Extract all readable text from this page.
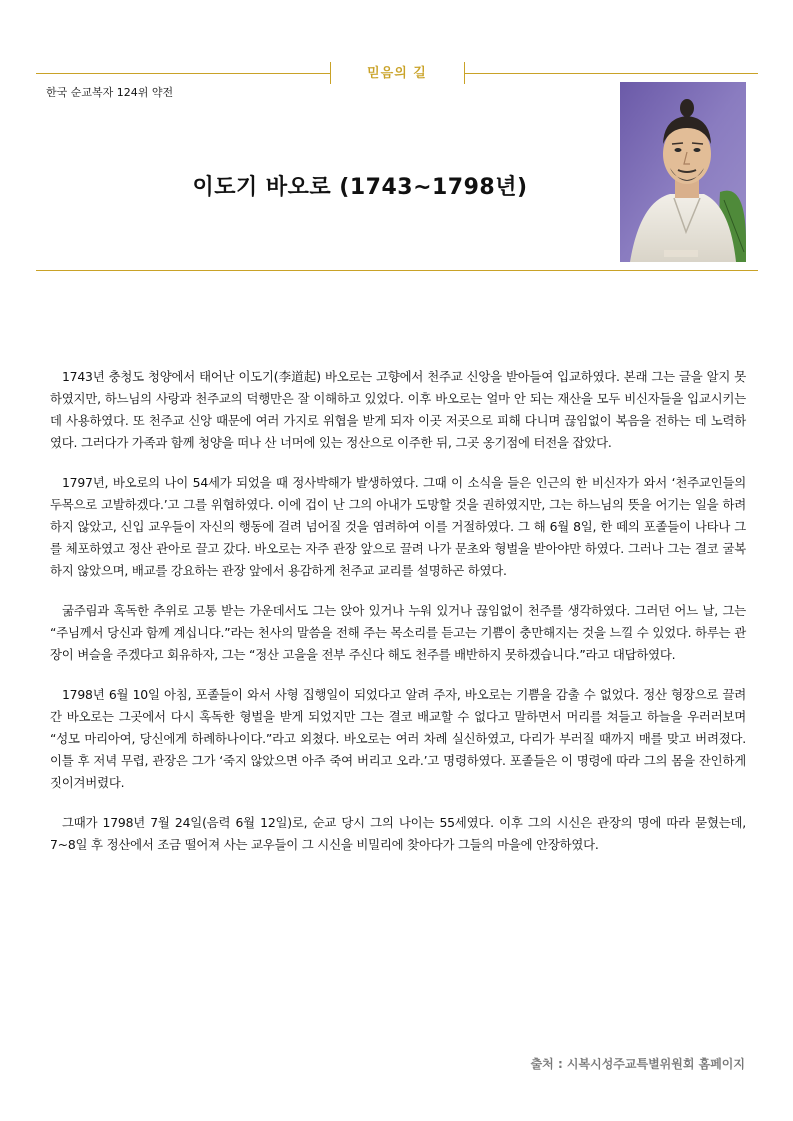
믿음의 길
한국 순교복자 124위 약전
이도기 바오로 (1743~1798년)

1743년 충청도 청양에서 태어난 이도기(李道起) 바오로는 고향에서 천주교 신앙을 받아들여 입교하였다. 본래 그는 글을 알지 못하였지만, 하느님의 사랑과 천주교의 덕행만은 잘 이해하고 있었다. 이후 바오로는 얼마 안 되는 재산을 모두 비신자들을 입교시키는 데 사용하였다. 또 천주교 신앙 때문에 여러 가지로 위협을 받게 되자 이곳 저곳으로 피해 다니며 끊임없이 복음을 전하는 데 노력하였다. 그러다가 가족과 함께 청양을 떠나 산 너머에 있는 정산으로 이주한 뒤, 그곳 옹기점에 터전을 잡았다.

1797년, 바오로의 나이 54세가 되었을 때 정사박해가 발생하였다. 그때 이 소식을 들은 인근의 한 비신자가 와서 ‘천주교인들의 두목으로 고발하겠다.’고 그를 위협하였다. 이에 겁이 난 그의 아내가 도망할 것을 권하였지만, 그는 하느님의 뜻을 어기는 일을 하려 하지 않았고, 신입 교우들이 자신의 행동에 걸려 넘어질 것을 염려하여 이를 거절하였다. 그 해 6월 8일, 한 떼의 포졸들이 나타나 그를 체포하였고 정산 관아로 끌고 갔다. 바오로는 자주 관장 앞으로 끌려 나가 문초와 형벌을 받아야만 하였다. 그러나 그는 결코 굴복하지 않았으며, 배교를 강요하는 관장 앞에서 용감하게 천주교 교리를 설명하곤 하였다.

굶주림과 혹독한 추위로 고통 받는 가운데서도 그는 앉아 있거나 누워 있거나 끊임없이 천주를 생각하였다. 그러던 어느 날, 그는 “주님께서 당신과 함께 계십니다.”라는 천사의 말씀을 전해 주는 목소리를 듣고는 기쁨이 충만해지는 것을 느낄 수 있었다. 하루는 관장이 벼슬을 주겠다고 회유하자, 그는 “정산 고을을 전부 주신다 해도 천주를 배반하지 못하겠습니다.”라고 대답하였다.

1798년 6월 10일 아침, 포졸들이 와서 사형 집행일이 되었다고 알려 주자, 바오로는 기쁨을 감출 수 없었다. 정산 형장으로 끌려간 바오로는 그곳에서 다시 혹독한 형벌을 받게 되었지만 그는 결코 배교할 수 없다고 말하면서 머리를 쳐들고 하늘을 우러러보며 “성모 마리아여, 당신에게 하례하나이다.”라고 외쳤다. 바오로는 여러 차례 실신하였고, 다리가 부러질 때까지 매를 맞고 버려졌다. 이틀 후 저녁 무렵, 관장은 그가 ‘죽지 않았으면 아주 죽여 버리고 오라.’고 명령하였다. 포졸들은 이 명령에 따라 그의 몸을 잔인하게 짓이겨버렸다.

그때가 1798년 7월 24일(음력 6월 12일)로, 순교 당시 그의 나이는 55세였다. 이후 그의 시신은 관장의 명에 따라 묻혔는데, 7~8일 후 정산에서 조금 떨어져 사는 교우들이 그 시신을 비밀리에 찾아다가 그들의 마을에 안장하였다.

출처 : 시복시성주교특별위원회 홈페이지
